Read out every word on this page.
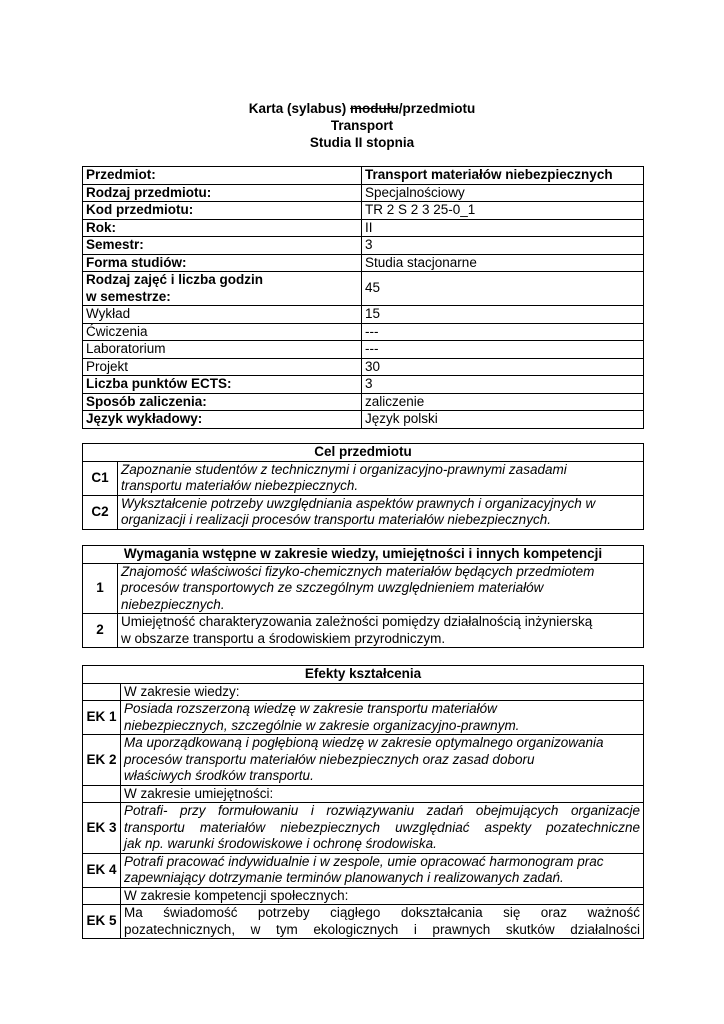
Karta (sylabus) modułu/przedmiotu
Transport
Studia II stopnia
Przedmiot:	Transport materiałów niebezpiecznych
Rodzaj przedmiotu:	Specjalnościowy
Kod przedmiotu:	TR 2 S 2 3 25-0_1
Rok:	II
Semestr:	3
Forma studiów:	Studia stacjonarne

Rodzaj zajęć i liczba godzin
w semestrze:	45
Wykład	15
Ćwiczenia	---
Laboratorium	---
Projekt	30
Liczba punktów ECTS:	3
Sposób zaliczenia:	zaliczenie
Język wykładowy:	Język polski
Cel przedmiotu	
C1	Zapoznanie studentów z technicznymi i organizacyjno-prawnymi zasadami
transportu materiałów niebezpiecznych.

C2	Wykształcenie potrzeby uwzględniania aspektów prawnych i organizacyjnych w
organizacji i realizacji procesów transportu materiałów niebezpiecznych.
Wymagania wstępne w zakresie wiedzy, umiejętności i innych kompetencji	
1	Znajomość właściwości fizyko-chemicznych materiałów będących przedmiotem
procesów transportowych ze szczególnym uwzględnieniem materiałów
niebezpiecznych.

2	Umiejętność charakteryzowania zależności pomiędzy działalnością inżynierską
w obszarze transportu a środowiskiem przyrodniczym.
Efekty kształcenia	
	W zakresie wiedzy:
EK 1	Posiada rozszerzoną wiedzę w zakresie transportu materiałów
niebezpiecznych, szczególnie w zakresie organizacyjno-prawnym.

EK 2	Ma uporządkowaną i pogłębioną wiedzę w zakresie optymalnego organizowania
procesów transportu materiałów niebezpiecznych oraz zasad doboru
właściwych środków transportu.

	W zakresie umiejętności:
EK 3	Potrafi- przy formułowaniu i rozwiązywaniu zadań obejmujących organizacje
transportu materiałów niebezpiecznych uwzględniać aspekty pozatechniczne
jak np. warunki środowiskowe i ochronę środowiska.

EK 4	Potrafi pracować indywidualnie i w zespole, umie opracować harmonogram prac
zapewniający dotrzymanie terminów planowanych i realizowanych zadań.

	W zakresie kompetencji społecznych:
EK 5	Ma świadomość potrzeby ciągłego dokształcania się oraz ważność
pozatechnicznych, w tym ekologicznych i prawnych skutków działalności
